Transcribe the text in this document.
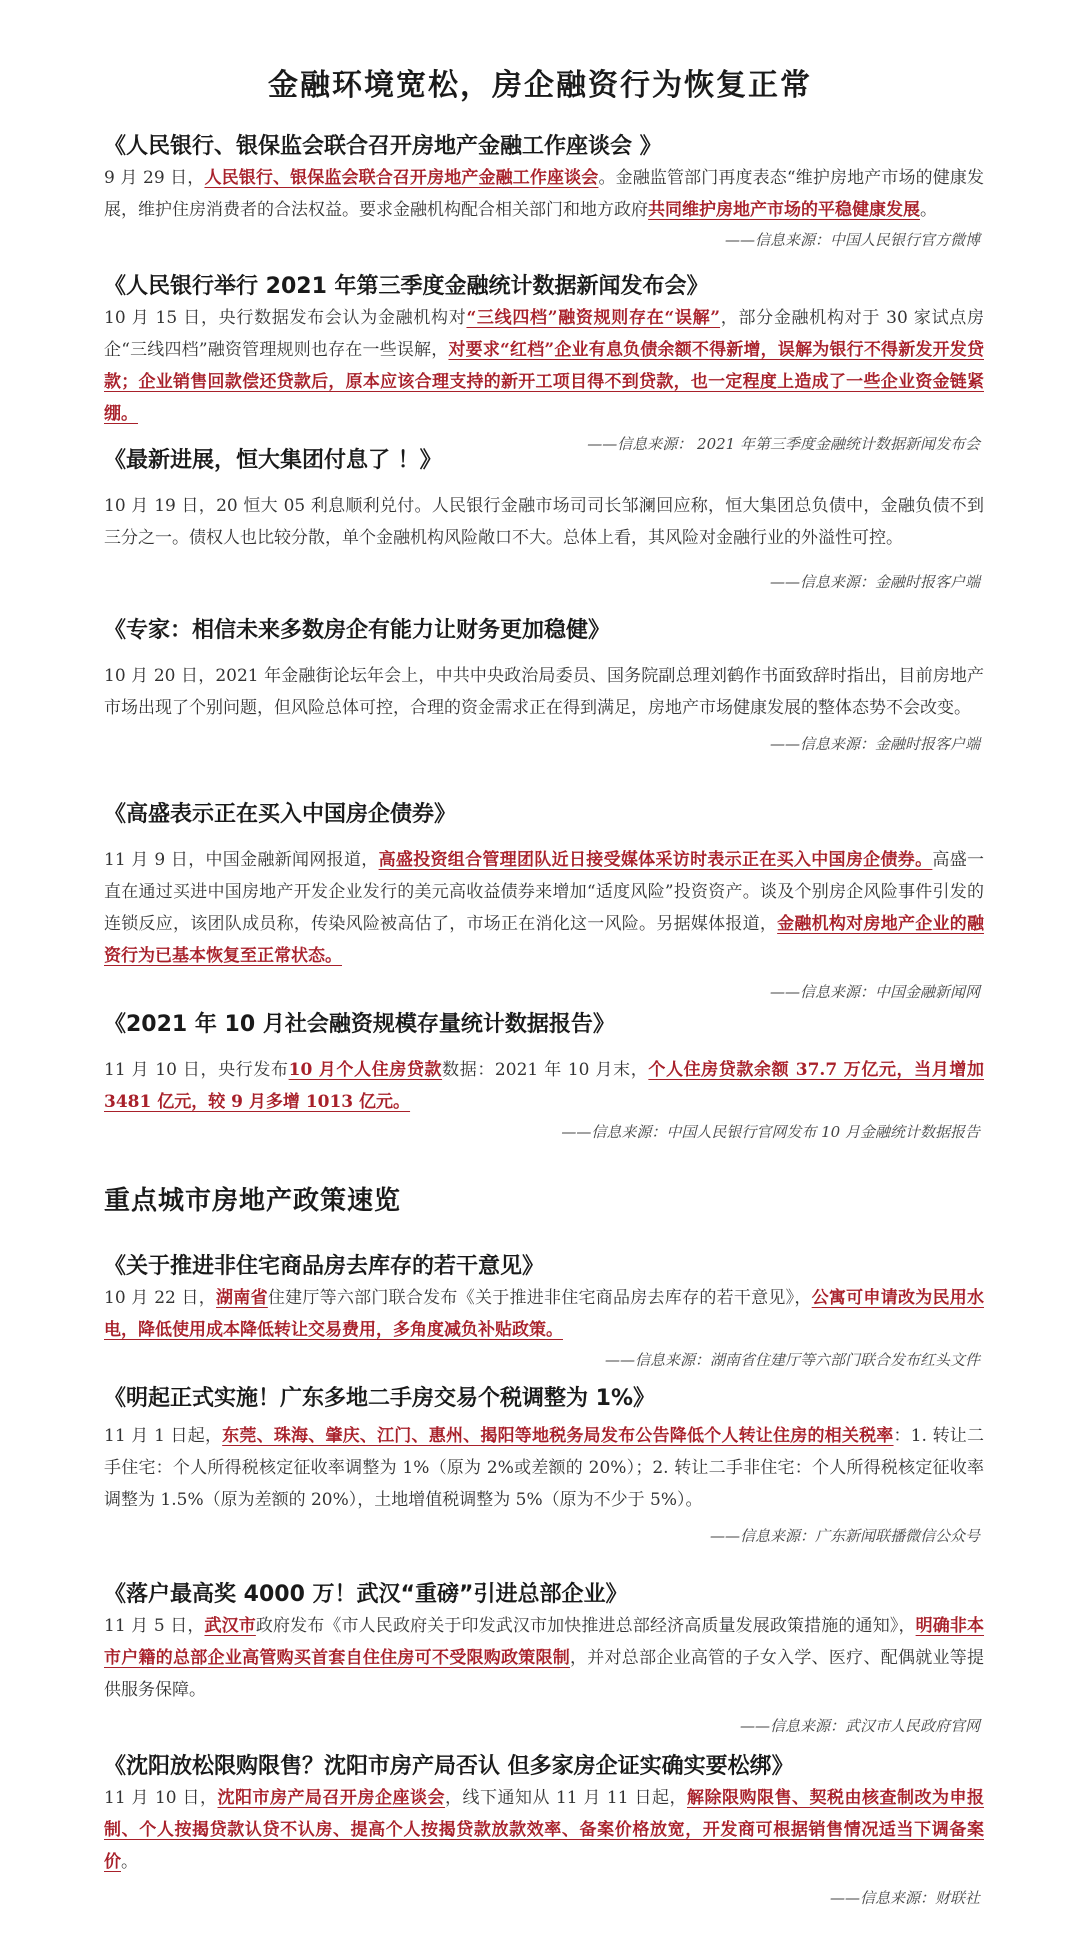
金融环境宽松，房企融资行为恢复正常
《人民银行、银保监会联合召开房地产金融工作座谈会 》

9 月 29 日，人民银行、银保监会联合召开房地产金融工作座谈会。金融监管部门再度表态“维护房地产市场的健康发展，维护住房消费者的合法权益。要求金融机构配合相关部门和地方政府共同维护房地产市场的平稳健康发展。

——信息来源：中国人民银行官方微博

《人民银行举行 2021 年第三季度金融统计数据新闻发布会》

10 月 15 日，央行数据发布会认为金融机构对“三线四档”融资规则存在“误解”，部分金融机构对于 30 家试点房企“三线四档”融资管理规则也存在一些误解，对要求“红档”企业有息负债余额不得新增，误解为银行不得新发开发贷款；企业销售回款偿还贷款后，原本应该合理支持的新开工项目得不到贷款，也一定程度上造成了一些企业资金链紧绷。

——信息来源： 2021 年第三季度金融统计数据新闻发布会

《最新进展，恒大集团付息了 ！》

10 月 19 日，20 恒大 05 利息顺利兑付。人民银行金融市场司司长邹澜回应称，恒大集团总负债中，金融负债不到三分之一。债权人也比较分散，单个金融机构风险敞口不大。总体上看，其风险对金融行业的外溢性可控。

——信息来源：金融时报客户端

《专家：相信未来多数房企有能力让财务更加稳健》

10 月 20 日，2021 年金融街论坛年会上，中共中央政治局委员、国务院副总理刘鹤作书面致辞时指出，目前房地产市场出现了个别问题，但风险总体可控，合理的资金需求正在得到满足，房地产市场健康发展的整体态势不会改变。

——信息来源：金融时报客户端

《高盛表示正在买入中国房企债券》

11 月 9 日，中国金融新闻网报道，高盛投资组合管理团队近日接受媒体采访时表示正在买入中国房企债券。高盛一直在通过买进中国房地产开发企业发行的美元高收益债券来增加“适度风险”投资资产。谈及个别房企风险事件引发的连锁反应，该团队成员称，传染风险被高估了，市场正在消化这一风险。另据媒体报道，金融机构对房地产企业的融资行为已基本恢复至正常状态。

——信息来源：中国金融新闻网

《2021 年 10 月社会融资规模存量统计数据报告》

11 月 10 日，央行发布10 月个人住房贷款数据：2021 年 10 月末，个人住房贷款余额 37.7 万亿元，当月增加 3481 亿元，较 9 月多增 1013 亿元。

——信息来源：中国人民银行官网发布 10 月金融统计数据报告

重点城市房地产政策速览
《关于推进非住宅商品房去库存的若干意见》

10 月 22 日，湖南省住建厅等六部门联合发布《关于推进非住宅商品房去库存的若干意见》，公寓可申请改为民用水电，降低使用成本降低转让交易费用，多角度减负补贴政策。

——信息来源：湖南省住建厅等六部门联合发布红头文件

《明起正式实施！广东多地二手房交易个税调整为 1%》

11 月 1 日起，东莞、珠海、肇庆、江门、惠州、揭阳等地税务局发布公告降低个人转让住房的相关税率：1. 转让二手住宅：个人所得税核定征收率调整为 1%（原为 2%或差额的 20%）；2. 转让二手非住宅：个人所得税核定征收率调整为 1.5%（原为差额的 20%），土地增值税调整为 5%（原为不少于 5%）。

——信息来源：广东新闻联播微信公众号

《落户最高奖 4000 万！武汉“重磅”引进总部企业》

11 月 5 日，武汉市政府发布《市人民政府关于印发武汉市加快推进总部经济高质量发展政策措施的通知》，明确非本市户籍的总部企业高管购买首套自住住房可不受限购政策限制，并对总部企业高管的子女入学、医疗、配偶就业等提供服务保障。

——信息来源：武汉市人民政府官网

《沈阳放松限购限售？沈阳市房产局否认 但多家房企证实确实要松绑》

11 月 10 日，沈阳市房产局召开房企座谈会，线下通知从 11 月 11 日起，解除限购限售、契税由核查制改为申报制、个人按揭贷款认贷不认房、提高个人按揭贷款放款效率、备案价格放宽，开发商可根据销售情况适当下调备案价。

——信息来源：财联社
